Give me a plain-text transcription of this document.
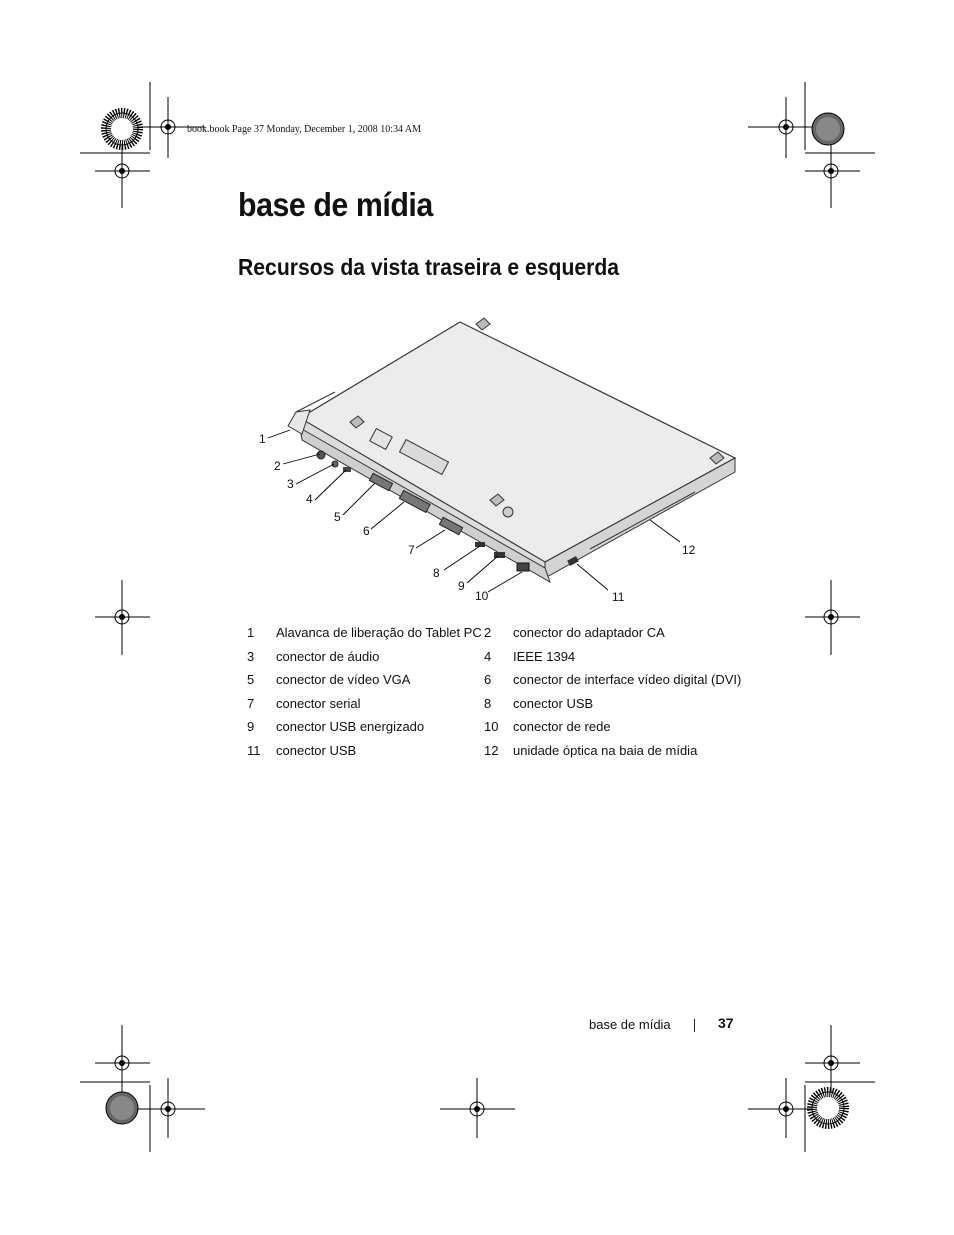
book.book Page 37 Monday, December 1, 2008 10:34 AM
base de mídia
Recursos da vista traseira e esquerda
1
2
3
4
5
6
7
8
9
10	11
12
1 Alavanca de liberação do Tablet PC 2 conector do adaptador CA
3 conector de áudio	4 IEEE 1394
5 conector de vídeo VGA	6 conector de interface vídeo digital (DVI)
7 conector serial	8 conector USB
9 conector USB energizado	10 conector de rede
11 conector USB	12 unidade óptica na baia de mídia
base de mídia	37
